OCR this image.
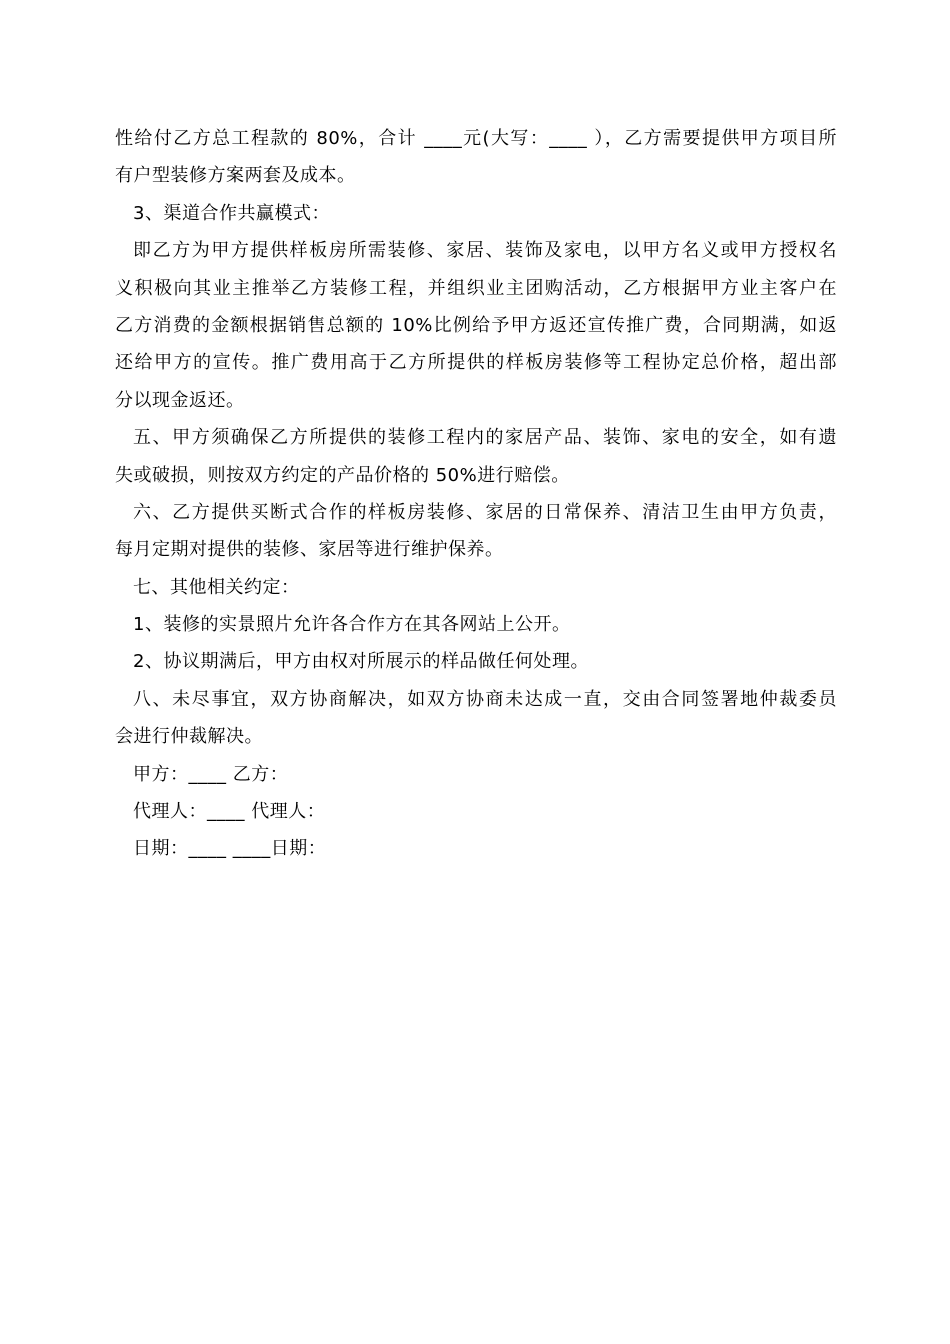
性给付乙方总工程款的 80%，合计 ____元(大写：____ ），乙方需要提供甲方项目所
有户型装修方案两套及成本。
3、渠道合作共赢模式：
即乙方为甲方提供样板房所需装修、家居、装饰及家电，以甲方名义或甲方授权名
义积极向其业主推举乙方装修工程，并组织业主团购活动，乙方根据甲方业主客户在
乙方消费的金额根据销售总额的 10%比例给予甲方返还宣传推广费，合同期满，如返
还给甲方的宣传。推广费用高于乙方所提供的样板房装修等工程协定总价格，超出部
分以现金返还。
五、甲方须确保乙方所提供的装修工程内的家居产品、装饰、家电的安全，如有遗
失或破损，则按双方约定的产品价格的 50%进行赔偿。
六、乙方提供买断式合作的样板房装修、家居的日常保养、清洁卫生由甲方负责，
每月定期对提供的装修、家居等进行维护保养。
七、其他相关约定：
1、装修的实景照片允许各合作方在其各网站上公开。
2、协议期满后，甲方由权对所展示的样品做任何处理。
八、未尽事宜，双方协商解决，如双方协商未达成一直，交由合同签署地仲裁委员
会进行仲裁解决。
甲方：____ 乙方：
代理人：____ 代理人：
日期：____ ____日期：
